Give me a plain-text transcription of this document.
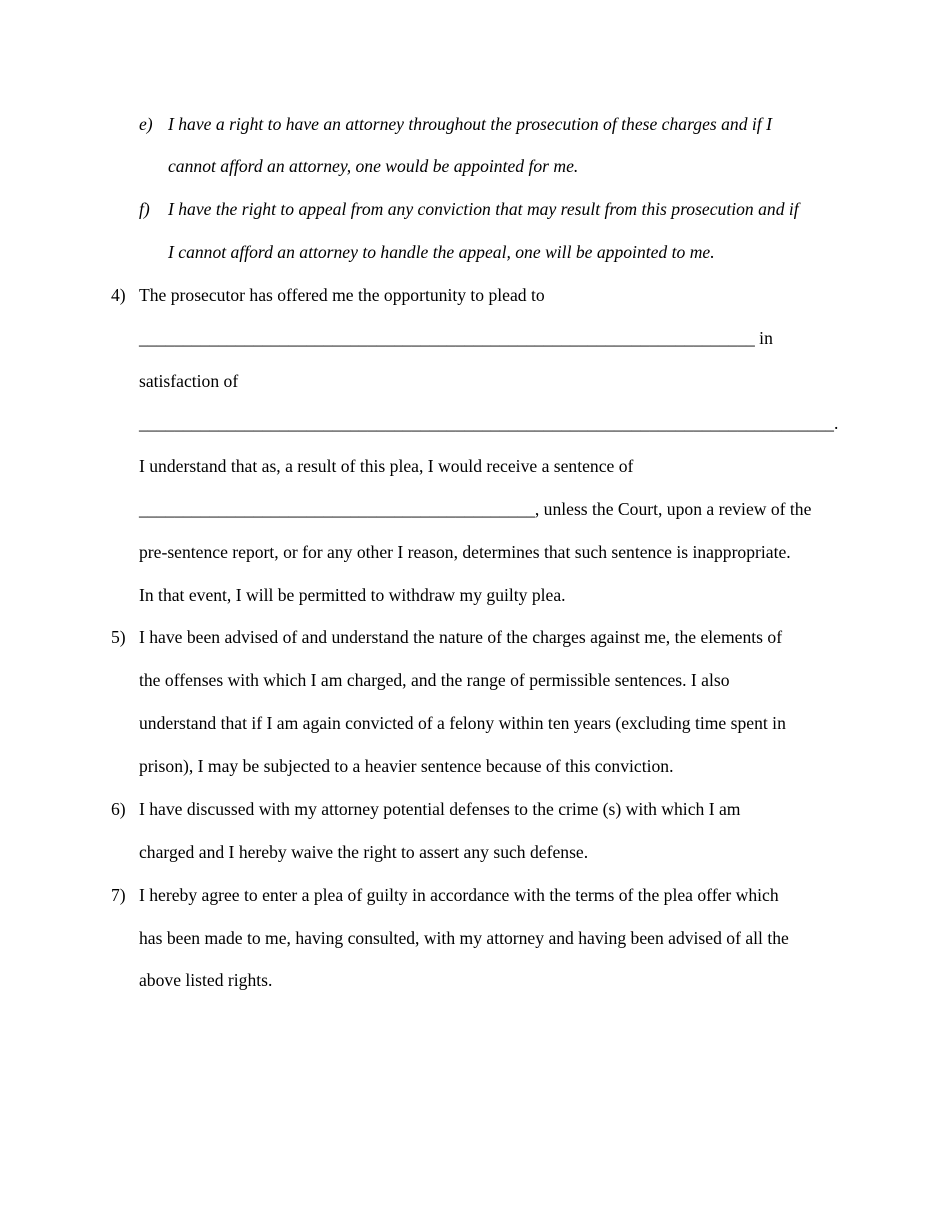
e) I have a right to have an attorney throughout the prosecution of these charges and if I
cannot afford an attorney, one would be appointed for me.
f) I have the right to appeal from any conviction that may result from this prosecution and if
I cannot afford an attorney to handle the appeal, one will be appointed to me.
4) The prosecutor has offered me the opportunity to plead to
______________________________________________________________________ in
satisfaction of
_______________________________________________________________________________.
I understand that as, a result of this plea, I would receive a sentence of
_____________________________________________, unless the Court, upon a review of the
pre-sentence report, or for any other I reason, determines that such sentence is inappropriate.
In that event, I will be permitted to withdraw my guilty plea.
5) I have been advised of and understand the nature of the charges against me, the elements of
the offenses with which I am charged, and the range of permissible sentences. I also
understand that if I am again convicted of a felony within ten years (excluding time spent in
prison), I may be subjected to a heavier sentence because of this conviction.
6) I have discussed with my attorney potential defenses to the crime (s) with which I am
charged and I hereby waive the right to assert any such defense.
7) I hereby agree to enter a plea of guilty in accordance with the terms of the plea offer which
has been made to me, having consulted, with my attorney and having been advised of all the
above listed rights.
